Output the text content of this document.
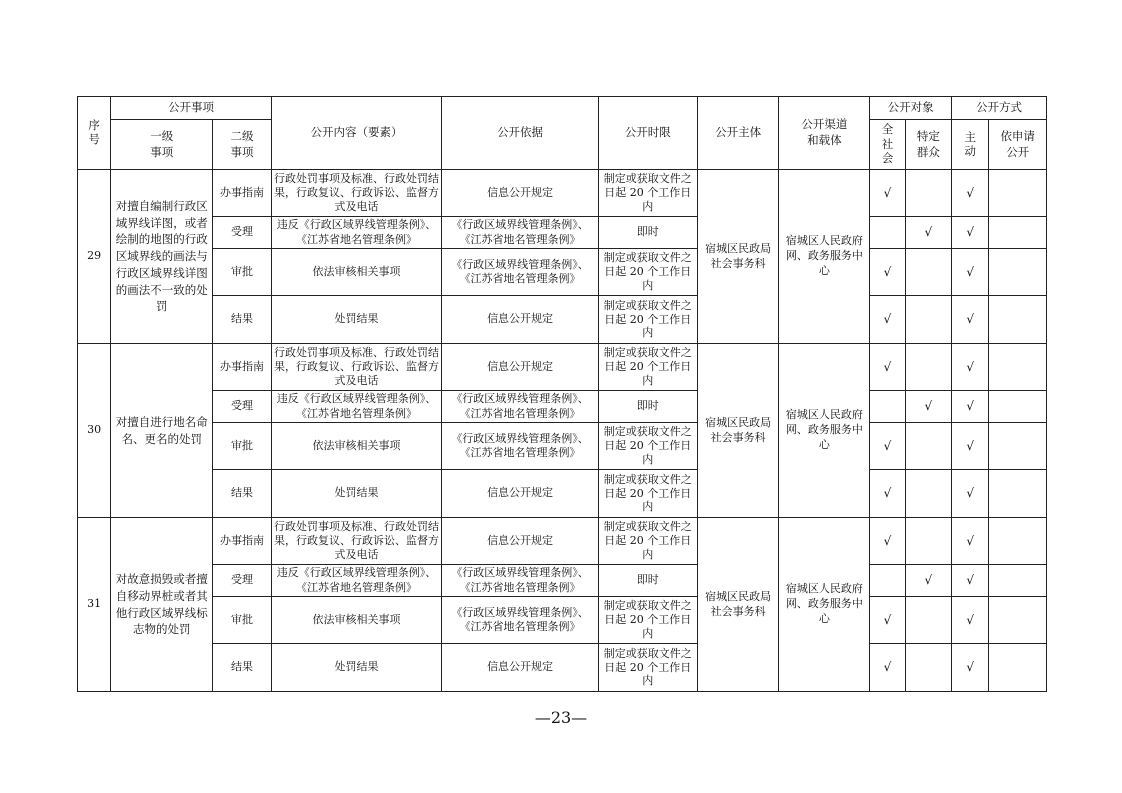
序号	公开事项		公开内容（要素）	公开依据	公开时限	公开主体	公开渠道和载体	公开对象		公开方式	
	一级事项	二级事项						全社会	特定群众	主动	依申请公开
29	对擅自编制行政区域界线详图，或者绘制的地图的行政区域界线的画法与行政区域界线详图的画法不一致的处罚	办事指南	行政处罚事项及标准、行政处罚结果，行政复议、行政诉讼、监督方式及电话	信息公开规定	制定或获取文件之日起 20 个工作日内	宿城区民政局社会事务科	宿城区人民政府网、政务服务中心	√		√	
		受理	违反《行政区域界线管理条例》、《江苏省地名管理条例》	《行政区域界线管理条例》、《江苏省地名管理条例》	即时				√	√	
		审批	依法审核相关事项	《行政区域界线管理条例》、《江苏省地名管理条例》	制定或获取文件之日起 20 个工作日内			√		√	
		结果	处罚结果	信息公开规定	制定或获取文件之日起 20 个工作日内			√		√	
30	对擅自进行地名命名、更名的处罚	办事指南	行政处罚事项及标准、行政处罚结果，行政复议、行政诉讼、监督方式及电话	信息公开规定	制定或获取文件之日起 20 个工作日内	宿城区民政局社会事务科	宿城区人民政府网、政务服务中心	√		√	
		受理	违反《行政区域界线管理条例》、《江苏省地名管理条例》	《行政区域界线管理条例》、《江苏省地名管理条例》	即时				√	√	
		审批	依法审核相关事项	《行政区域界线管理条例》、《江苏省地名管理条例》	制定或获取文件之日起 20 个工作日内			√		√	
		结果	处罚结果	信息公开规定	制定或获取文件之日起 20 个工作日内			√		√	
31	对故意损毁或者擅自移动界桩或者其他行政区域界线标志物的处罚	办事指南	行政处罚事项及标准、行政处罚结果，行政复议、行政诉讼、监督方式及电话	信息公开规定	制定或获取文件之日起 20 个工作日内	宿城区民政局社会事务科	宿城区人民政府网、政务服务中心	√		√	
		受理	违反《行政区域界线管理条例》、《江苏省地名管理条例》	《行政区域界线管理条例》、《江苏省地名管理条例》	即时				√	√	
		审批	依法审核相关事项	《行政区域界线管理条例》、《江苏省地名管理条例》	制定或获取文件之日起 20 个工作日内			√		√	
		结果	处罚结果	信息公开规定	制定或获取文件之日起 20 个工作日内			√		√	
—23—
